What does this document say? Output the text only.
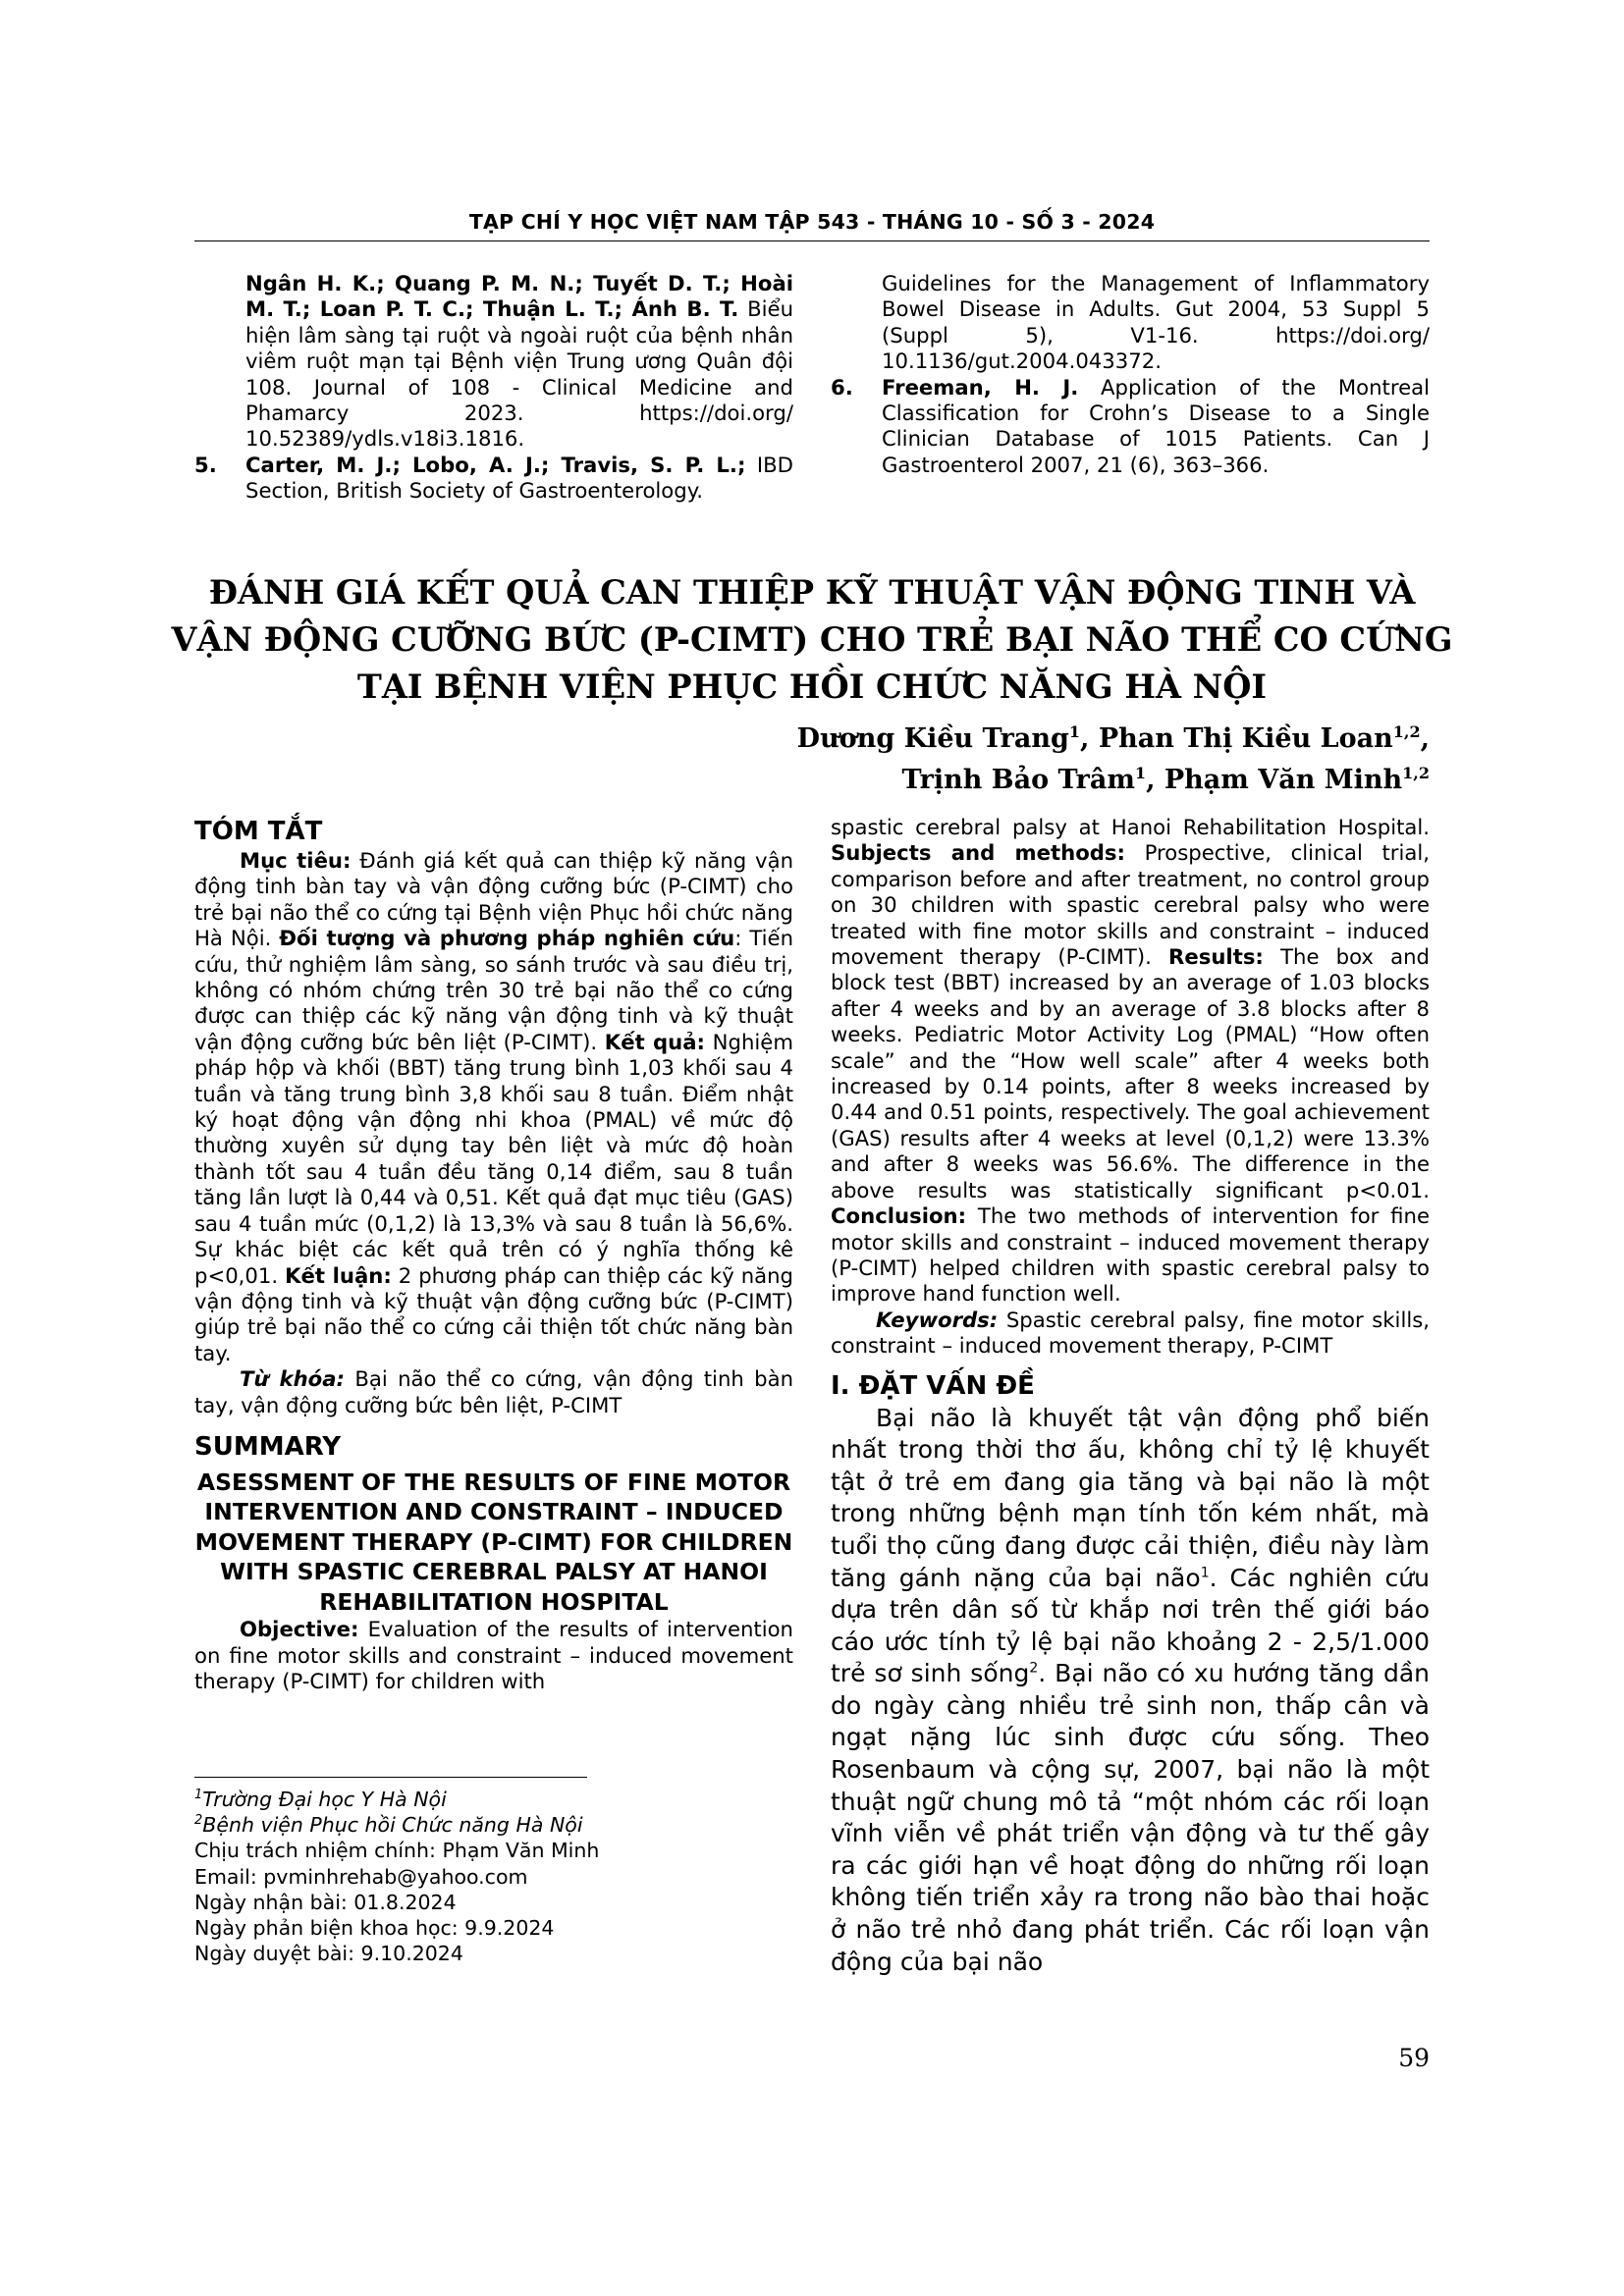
TẠP CHÍ Y HỌC VIỆT NAM TẬP 543 - THÁNG 10 - SỐ 3 - 2024
Ngân H. K.; Quang P. M. N.; Tuyết D. T.; Hoài M. T.; Loan P. T. C.; Thuận L. T.; Ánh B. T. Biểu hiện lâm sàng tại ruột và ngoài ruột của bệnh nhân viêm ruột mạn tại Bệnh viện Trung ương Quân đội 108. Journal of 108 - Clinical Medicine and Phamarcy 2023. https://doi.org/ 10.52389/ydls.v18i3.1816.
5. Carter, M. J.; Lobo, A. J.; Travis, S. P. L.; IBD Section, British Society of Gastroenterology.
Guidelines for the Management of Inflammatory Bowel Disease in Adults. Gut 2004, 53 Suppl 5 (Suppl 5), V1-16. https://doi.org/ 10.1136/gut.2004.043372.
6. Freeman, H. J. Application of the Montreal Classification for Crohn’s Disease to a Single Clinician Database of 1015 Patients. Can J Gastroenterol 2007, 21 (6), 363–366.
ĐÁNH GIÁ KẾT QUẢ CAN THIỆP KỸ THUẬT VẬN ĐỘNG TINH VÀ
VẬN ĐỘNG CƯỠNG BỨC (P-CIMT) CHO TRẺ BẠI NÃO THỂ CO CỨNG
TẠI BỆNH VIỆN PHỤC HỒI CHỨC NĂNG HÀ NỘI
Dương Kiều Trang$^1$, Phan Thị Kiều Loan$^{1,2}$,
Trịnh Bảo Trâm$^1$, Phạm Văn Minh$^{1,2}$
TÓM TẮT

Mục tiêu: Đánh giá kết quả can thiệp kỹ năng vận động tinh bàn tay và vận động cưỡng bức (P-CIMT) cho trẻ bại não thể co cứng tại Bệnh viện Phục hồi chức năng Hà Nội. Đối tượng và phương pháp nghiên cứu: Tiến cứu, thử nghiệm lâm sàng, so sánh trước và sau điều trị, không có nhóm chứng trên 30 trẻ bại não thể co cứng được can thiệp các kỹ năng vận động tinh và kỹ thuật vận động cưỡng bức bên liệt (P-CIMT). Kết quả: Nghiệm pháp hộp và khối (BBT) tăng trung bình 1,03 khối sau 4 tuần và tăng trung bình 3,8 khối sau 8 tuần. Điểm nhật ký hoạt động vận động nhi khoa (PMAL) về mức độ thường xuyên sử dụng tay bên liệt và mức độ hoàn thành tốt sau 4 tuần đều tăng 0,14 điểm, sau 8 tuần tăng lần lượt là 0,44 và 0,51. Kết quả đạt mục tiêu (GAS) sau 4 tuần mức (0,1,2) là 13,3% và sau 8 tuần là 56,6%. Sự khác biệt các kết quả trên có ý nghĩa thống kê p<0,01. Kết luận: 2 phương pháp can thiệp các kỹ năng vận động tinh và kỹ thuật vận động cưỡng bức (P-CIMT) giúp trẻ bại não thể co cứng cải thiện tốt chức năng bàn tay.

Từ khóa: Bại não thể co cứng, vận động tinh bàn tay, vận động cưỡng bức bên liệt, P-CIMT

SUMMARY
ASESSMENT OF THE RESULTS OF FINE MOTOR INTERVENTION AND CONSTRAINT – INDUCED MOVEMENT THERAPY (P-CIMT) FOR CHILDREN WITH SPASTIC CEREBRAL PALSY AT HANOI REHABILITATION HOSPITAL

Objective: Evaluation of the results of intervention on fine motor skills and constraint – induced movement therapy (P-CIMT) for children with

$^1$Trường Đại học Y Hà Nội
$^2$Bệnh viện Phục hồi Chức năng Hà Nội
Chịu trách nhiệm chính: Phạm Văn Minh
Email: pvminhrehab@yahoo.com
Ngày nhận bài: 01.8.2024
Ngày phản biện khoa học: 9.9.2024
Ngày duyệt bài: 9.10.2024

spastic cerebral palsy at Hanoi Rehabilitation Hospital. Subjects and methods: Prospective, clinical trial, comparison before and after treatment, no control group on 30 children with spastic cerebral palsy who were treated with fine motor skills and constraint – induced movement therapy (P-CIMT). Results: The box and block test (BBT) increased by an average of 1.03 blocks after 4 weeks and by an average of 3.8 blocks after 8 weeks. Pediatric Motor Activity Log (PMAL) “How often scale” and the “How well scale” after 4 weeks both increased by 0.14 points, after 8 weeks increased by 0.44 and 0.51 points, respectively. The goal achievement (GAS) results after 4 weeks at level (0,1,2) were 13.3% and after 8 weeks was 56.6%. The difference in the above results was statistically significant p<0.01. Conclusion: The two methods of intervention for fine motor skills and constraint – induced movement therapy (P-CIMT) helped children with spastic cerebral palsy to improve hand function well.

Keywords: Spastic cerebral palsy, fine motor skills, constraint – induced movement therapy, P-CIMT

I. ĐẶT VẤN ĐỀ

Bại não là khuyết tật vận động phổ biến nhất trong thời thơ ấu, không chỉ tỷ lệ khuyết tật ở trẻ em đang gia tăng và bại não là một trong những bệnh mạn tính tốn kém nhất, mà tuổi thọ cũng đang được cải thiện, điều này làm tăng gánh nặng của bại não$^1$. Các nghiên cứu dựa trên dân số từ khắp nơi trên thế giới báo cáo ước tính tỷ lệ bại não khoảng 2 - 2,5/1.000 trẻ sơ sinh sống$^2$. Bại não có xu hướng tăng dần do ngày càng nhiều trẻ sinh non, thấp cân và ngạt nặng lúc sinh được cứu sống. Theo Rosenbaum và cộng sự, 2007, bại não là một thuật ngữ chung mô tả “một nhóm các rối loạn vĩnh viễn về phát triển vận động và tư thế gây ra các giới hạn về hoạt động do những rối loạn không tiến triển xảy ra trong não bào thai hoặc ở não trẻ nhỏ đang phát triển. Các rối loạn vận động của bại não

59
